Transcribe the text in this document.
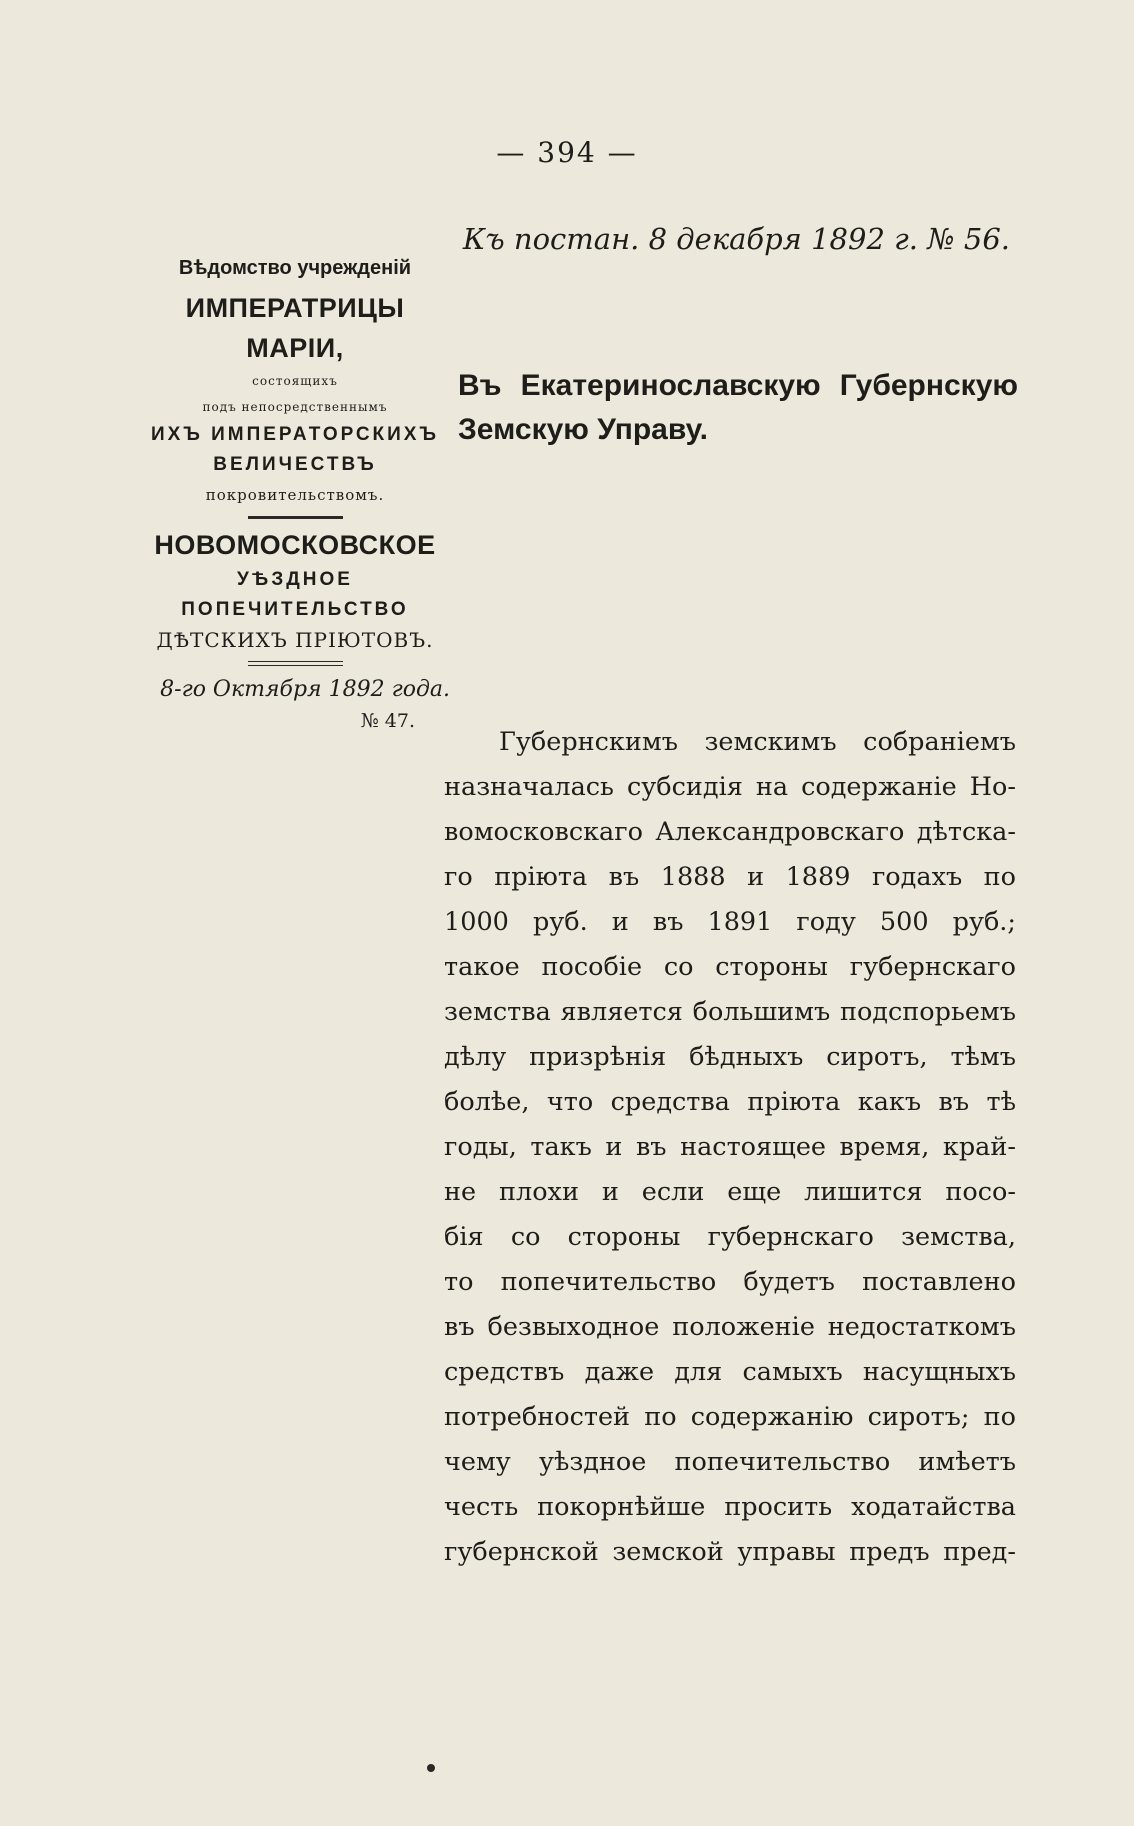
— 394 —
Къ постан. 8 декабря 1892 г. № 56.
Вѣдомство учрежденій
ИМПЕРАТРИЦЫ МАРІИ,
состоящихъ
подъ непосредственнымъ
ИХЪ ИМПЕРАТОРСКИХЪ
ВЕЛИЧЕСТВЪ
покровительствомъ.
НОВОМОСКОВСКОЕ
УѢЗДНОЕ
ПОПЕЧИТЕЛЬСТВО
ДѢТСКИХЪ ПРІЮТОВЪ.
8-го Октября 1892 года.
№ 47.
Въ Екатеринославскую Губернскую
Земскую Управу.
Губернскимъ земскимъ собраніемъ
назначалась субсидія на содержаніе Но-
вомосковскаго Александровскаго дѣтска-
го пріюта въ 1888 и 1889 годахъ по
1000 руб. и въ 1891 году 500 руб.;
такое пособіе со стороны губернскаго
земства является большимъ подспорьемъ
дѣлу призрѣнія бѣдныхъ сиротъ, тѣмъ
болѣе, что средства пріюта какъ въ тѣ
годы, такъ и въ настоящее время, край-
не плохи и если еще лишится посо-
бія со стороны губернскаго земства,
то попечительство будетъ поставлено
въ безвыходное положеніе недостаткомъ
средствъ даже для самыхъ насущныхъ
потребностей по содержанію сиротъ; по
чему уѣздное попечительство имѣетъ
честь покорнѣйше просить ходатайства
губернской земской управы предъ пред-
